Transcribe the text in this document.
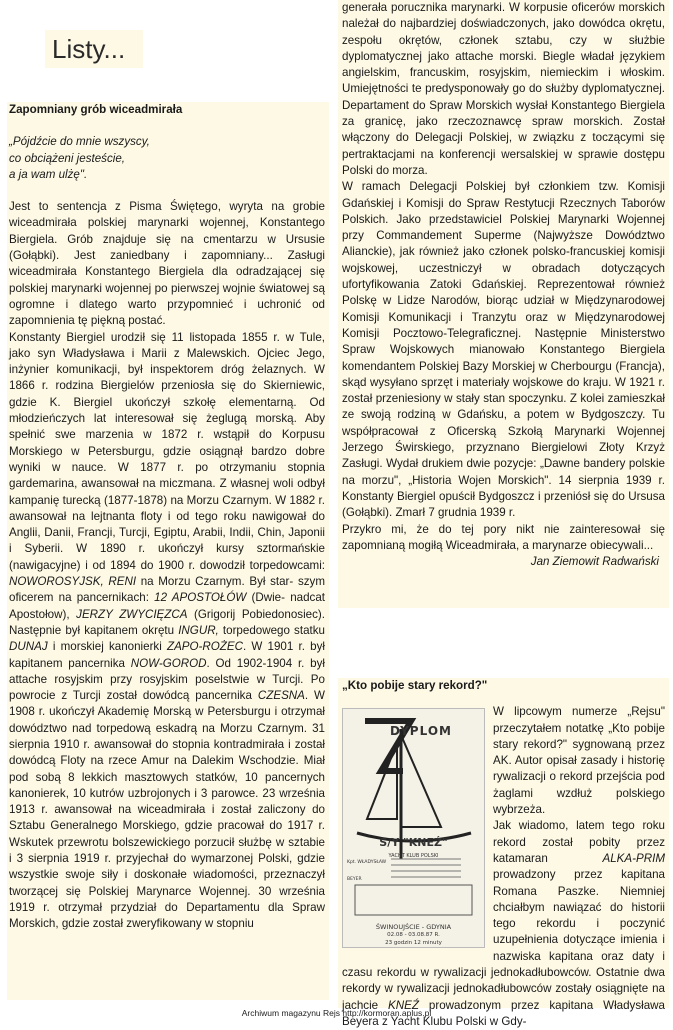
Listy...

Zapomniany grób wiceadmirała

„Pójdźcie do mnie wszyscy,

co obciążeni jesteście,

a ja wam ulżę".

Jest to sentencja z Pisma Świętego, wyryta na grobie wiceadmirała polskiej marynarki wojennej, Konstantego Biergiela. Grób znajduje się na cmentarzu w Ursusie (Gołąbki). Jest zaniedbany i zapomniany... Zasługi wiceadmirała Konstantego Biergiela dla odradzającej się polskiej marynarki wojennej po pierwszej wojnie światowej są ogromne i dlatego warto przypomnieć i uchronić od zapomnienia tę piękną postać.

Konstanty Biergiel urodził się 11 listopada 1855 r. w Tule, jako syn Władysława i Marii z Malewskich. Ojciec Jego, inżynier komunikacji, był inspektorem dróg żelaznych. W 1866 r. rodzina Biergielów przeniosła się do Skierniewic, gdzie K. Biergiel ukończył szkołę elementarną. Od młodzieńczych lat interesował się żeglugą morską. Aby spełnić swe marzenia w 1872 r. wstąpił do Korpusu Morskiego w Petersburgu, gdzie osiągnął bardzo dobre wyniki w nauce. W 1877 r. po otrzymaniu stopnia gardemarina, awansował na miczmana. Z własnej woli odbył kampanię turecką (1877-1878) na Morzu Czarnym. W 1882 r. awansował na lejtnanta floty i od tego roku nawigował do Anglii, Danii, Francji, Turcji, Egiptu, Arabii, Indii, Chin, Japonii i Syberii. W 1890 r. ukończył kursy sztormańskie (nawigacyjne) i od 1894 do 1900 r. dowodził torpedowcami: NOWOROSYJSK, RENI na Morzu Czarnym. Był star- szym oficerem na pancernikach: 12 APOSTOŁÓW (Dwie- nadcat Apostołow), JERZY ZWYCIĘZCA (Grigorij Pobiedonosiec). Następnie był kapitanem okrętu INGUR, torpedowego statku DUNAJ i morskiej kanonierki ZAPO-ROŻEC. W 1901 r. był kapitanem pancernika NOW-GOROD. Od 1902-1904 r. był attache rosyjskim przy rosyjskim poselstwie w Turcji. Po powrocie z Turcji został dowódcą pancernika CZESNA. W 1908 r. ukończył Akademię Morską w Petersburgu i otrzymał dowództwo nad torpedową eskadrą na Morzu Czarnym. 31 sierpnia 1910 r. awansował do stopnia kontradmirała i został dowódcą Floty na rzece Amur na Dalekim Wschodzie. Miał pod sobą 8 lekkich masztowych statków, 10 pancernych kanonierek, 10 kutrów uzbrojonych i 3 parowce. 23 września 1913 r. awansował na wiceadmirała i został zaliczony do Sztabu Generalnego Morskiego, gdzie pracował do 1917 r. Wskutek przewrotu bolszewickiego porzucił służbę w sztabie i 3 sierpnia 1919 r. przyjechał do wymarzonej Polski, gdzie wszystkie swoje siły i doskonałe wiadomości, przeznaczył tworzącej się Polskiej Marynarce Wojennej. 30 września 1919 r. otrzymał przydział do Departamentu dla Spraw Morskich, gdzie został zweryfikowany w stopniu

generała porucznika marynarki. W korpusie oficerów morskich należał do najbardziej doświadczonych, jako dowódca okrętu, zespołu okrętów, członek sztabu, czy w służbie dyplomatycznej jako attache morski. Biegle władał językiem angielskim, francuskim, rosyjskim, niemieckim i włoskim. Umiejętności te predysponowały go do służby dyplomatycznej. Departament do Spraw Morskich wysłał Konstantego Biergiela za granicę, jako rzeczoznawcę spraw morskich. Został włączony do Delegacji Polskiej, w związku z toczącymi się pertraktacjami na konferencji wersalskiej w sprawie dostępu Polski do morza.

W ramach Delegacji Polskiej był członkiem tzw. Komisji Gdańskiej i Komisji do Spraw Restytucji Rzecznych Taborów Polskich. Jako przedstawiciel Polskiej Marynarki Wojennej przy Commandement Superme (Najwyższe Dowództwo Alianckie), jak również jako członek polsko-francuskiej komisji wojskowej, uczestniczył w obradach dotyczących ufortyfikowania Zatoki Gdańskiej. Reprezentował również Polskę w Lidze Narodów, biorąc udział w Międzynarodowej Komisji Komunikacji i Tranzytu oraz w Międzynarodowej Komisji Pocztowo-Telegraficznej. Następnie Ministerstwo Spraw Wojskowych mianowało Konstantego Biergiela komendantem Polskiej Bazy Morskiej w Cherbourgu (Francja), skąd wysyłano sprzęt i materiały wojskowe do kraju. W 1921 r. został przeniesiony w stały stan spoczynku. Z kolei zamieszkał ze swoją rodziną w Gdańsku, a potem w Bydgoszczy. Tu współpracował z Oficerską Szkołą Marynarki Wojennej Jerzego Świrskiego, przyznano Biergielowi Złoty Krzyż Zasługi. Wydał drukiem dwie pozycje: „Dawne bandery polskie na morzu", „Historia Wojen Morskich". 14 sierpnia 1939 r. Konstanty Biergiel opuścił Bydgoszcz i przeniósł się do Ursusa (Gołąbki). Zmarł 7 grudnia 1939 r.

Przykro mi, że do tej pory nikt nie zainteresował się zapomnianą mogiłą Wiceadmirała, a marynarze obiecywali...

Jan Ziemowit Radwański

„Kto pobije stary rekord?"

DYPLOM
S/Y "KNEŹ"
YACHT KLUB POLSKI
Kpt. WŁADYSŁAW BEYER
ŚWINOUJŚCIE - GDYNIA
02.08 - 03.08.87 R.
23 godzin 12 minuty

W lipcowym numerze „Rejsu" przeczytałem notatkę „Kto pobije stary rekord?" sygnowaną przez AK. Autor opisał zasady i historię rywalizacji o rekord przejścia pod żaglami wzdłuż polskiego wybrzeża.

Jak wiadomo, latem tego roku rekord został pobity przez katamaran	ALKA-PRIM prowadzony przez kapitana Romana Paszke. Niemniej chciałbym nawiązać do historii tego rekordu i poczynić uzupełnienia dotyczące imienia i nazwiska kapitana oraz daty i czasu rekordu w rywalizacji jednokadłubowców. Ostatnie dwa rekordy w rywalizacji jednokadłubowców zostały osiągnięte na jachcie KNEŹ prowadzonym przez kapitana Władysława Beyera z Yacht Klubu Polski w Gdy-

Archiwum magazynu Rejs http://kormoran.aplus.pl
